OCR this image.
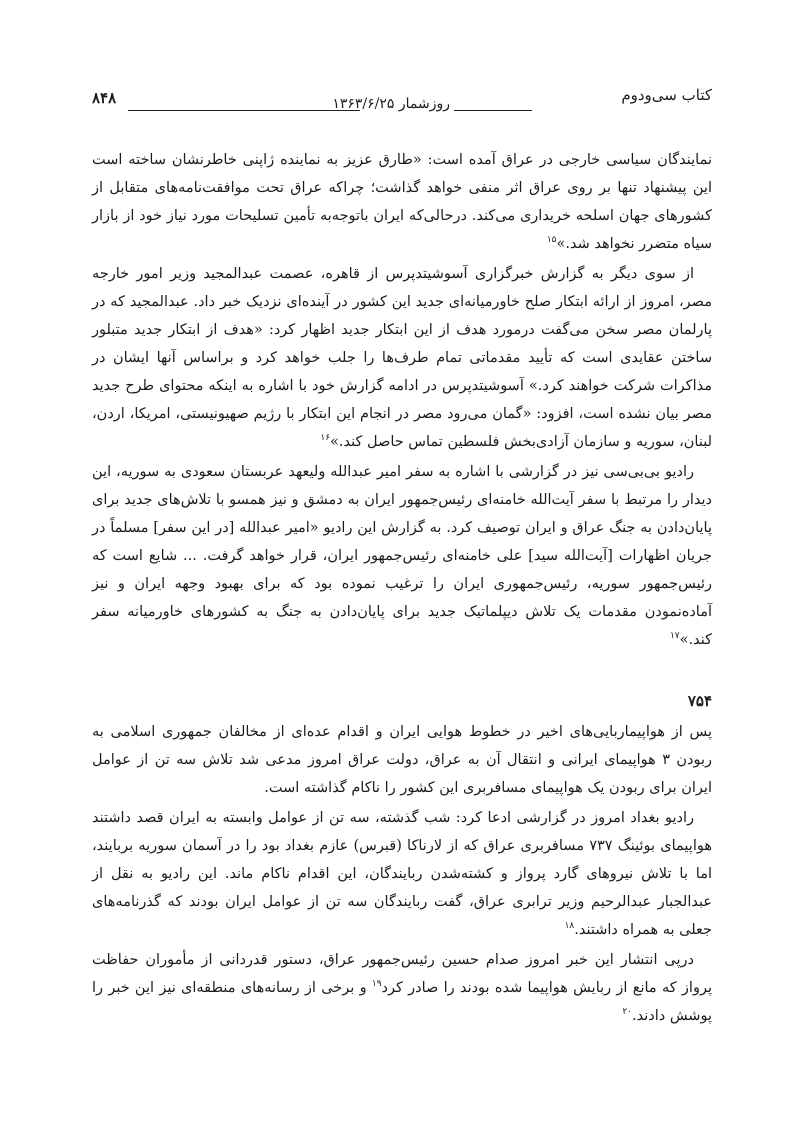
کتاب سی‌ودوم
روزشمار ۱۳۶۳/۶/۲۵
۸۴۸

نمایندگان سیاسی خارجی در عراق آمده است: «طارق عزیز به نماینده ژاپنی خاطرنشان ساخته است این پیشنهاد تنها بر روی عراق اثر منفی خواهد گذاشت؛ چراکه عراق تحت موافقت‌نامه‌های متقابل از کشورهای جهان اسلحه خریداری می‌کند. درحالی‌که ایران باتوجه‌به تأمین تسلیحات مورد نیاز خود از بازار سیاه متضرر نخواهد شد.»$^{۱۵}$

از سوی دیگر به گزارش خبرگزاری آسوشیتدپرس از قاهره، عصمت عبدالمجید وزیر امور خارجه مصر، امروز از ارائه ابتکار صلح خاورمیانه‌ای جدید این کشور در آینده‌ای نزدیک خبر داد. عبدالمجید که در پارلمان مصر سخن می‌گفت درمورد هدف از این ابتکار جدید اظهار کرد: «هدف از ابتکار جدید متبلور ساختن عقایدی است که تأیید مقدماتی تمام طرف‌ها را جلب خواهد کرد و براساس آنها ایشان در مذاکرات شرکت خواهند کرد.» آسوشیتدپرس در ادامه گزارش خود با اشاره به اینکه محتوای طرح جدید مصر بیان نشده است، افزود: «گمان می‌رود مصر در انجام این ابتکار با رژیم صهیونیستی، امریکا، اردن، لبنان، سوریه و سازمان آزادی‌بخش فلسطین تماس حاصل کند.»$^{۱۶}$

رادیو بی‌بی‌سی نیز در گزارشی با اشاره به سفر امیر عبدالله ولیعهد عربستان سعودی به سوریه، این دیدار را مرتبط با سفر آیت‌الله خامنه‌ای رئیس‌جمهور ایران به دمشق و نیز همسو با تلاش‌های جدید برای پایان‌دادن به جنگ عراق و ایران توصیف کرد. به گزارش این رادیو «امیر عبدالله [در این سفر] مسلماً در جریان اظهارات [آیت‌الله سید] علی خامنه‌ای رئیس‌جمهور ایران، قرار خواهد گرفت. ... شایع است که رئیس‌جمهور سوریه، رئیس‌جمهوری ایران را ترغیب نموده بود که برای بهبود وجهه ایران و نیز آماده‌نمودن مقدمات یک تلاش دیپلماتیک جدید برای پایان‌دادن به جنگ به کشورهای خاورمیانه سفر کند.»$^{۱۷}$

۷۵۴

پس از هواپیماربایی‌های اخیر در خطوط هوایی ایران و اقدام عده‌ای از مخالفان جمهوری اسلامی به ربودن ۳ هواپیمای ایرانی و انتقال آن به عراق، دولت عراق امروز مدعی شد تلاش سه تن از عوامل ایران برای ربودن یک هواپیمای مسافربری این کشور را ناکام گذاشته است.

رادیو بغداد امروز در گزارشی ادعا کرد: شب گذشته، سه تن از عوامل وابسته به ایران قصد داشتند هواپیمای بوئینگ ۷۳۷ مسافربری عراق که از لارناکا (قبرس) عازم بغداد بود را در آسمان سوریه بربایند، اما با تلاش نیروهای گارد پرواز و کشته‌شدن ربایندگان، این اقدام ناکام ماند. این رادیو به نقل از عبدالجبار عبدالرحیم وزیر ترابری عراق، گفت ربایندگان سه تن از عوامل ایران بودند که گذرنامه‌های جعلی به همراه داشتند.$^{۱۸}$

درپی انتشار این خبر امروز صدام حسین رئیس‌جمهور عراق، دستور قدردانی از مأموران حفاظت پرواز که مانع از ربایش هواپیما شده بودند را صادر کرد$^{۱۹}$ و برخی از رسانه‌های منطقه‌ای نیز این خبر را پوشش دادند.$^{۲۰}$
